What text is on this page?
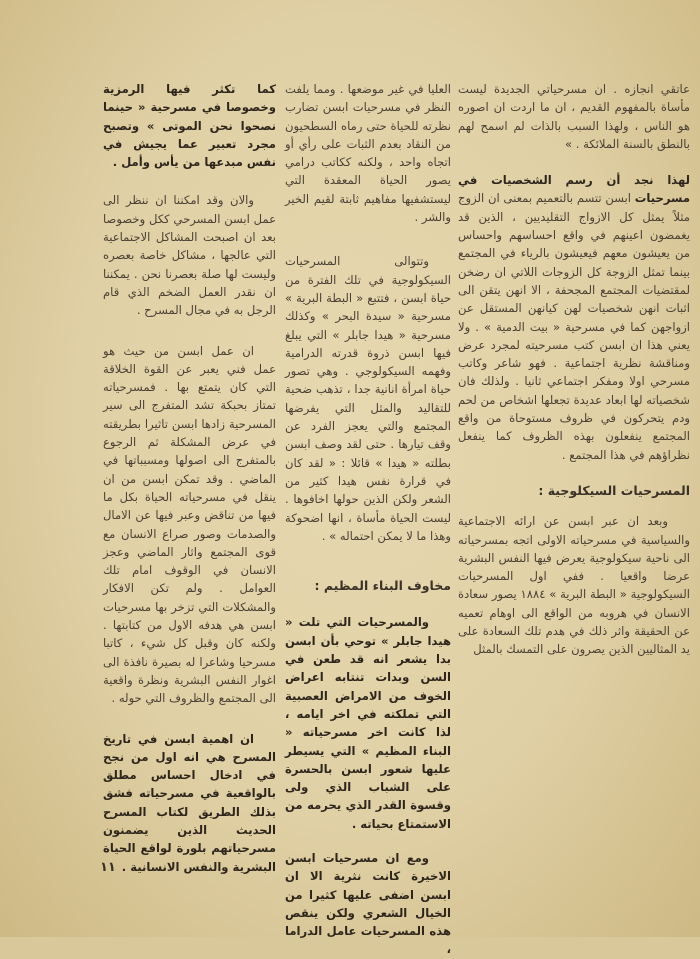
عاتقي انجازه . ان مسرحياتي الجديدة ليست مأساة بالمفهوم القديم ، ان ما اردت ان اصوره هو الناس ، ولهذا السبب بالذات لم اسمح لهم بالنطق بالسنة الملائكة . »

لهذا نجد أن رسم الشخصيات في مسرحيات ابسن تتسم بالتعميم بمعنى ان الزوج مثلاً يمثل كل الازواج التقليديين ، الذين قد يغمضون اعينهم في واقع احساسهم واحساس من يعيشون معهم فيعيشون بالرياء في المجتمع بينما تمثل الزوجة كل الزوجات اللاتي ان رضخن لمقتضيات المجتمع المجحفة ، الا انهن يتقن الى اثبات انهن شخصيات لهن كيانهن المستقل عن ازواجهن كما في مسرحية « بيت الدمية » . ولا يعني هذا ان ابسن كتب مسرحيته لمجرد عرض ومناقشة نظرية اجتماعية . فهو شاعر وكاتب مسرحي اولا ومفكر اجتماعي ثانيا . ولذلك فان شخصياته لها ابعاد عديدة تجعلها اشخاص من لحم ودم يتحركون في ظروف مستوحاة من واقع المجتمع ينفعلون بهذه الظروف كما ينفعل نظراؤهم في هذا المجتمع .

المسرحيات السيكلوجية :

وبعد ان عبر ابسن عن ارائه الاجتماعية والسياسية في مسرحياته الاولى اتجه بمسرحياته الى ناحية سيكولوجية يعرض فيها النفس البشرية عرضا واقعيا . ففي اول المسرحيات السيكولوجية « البطة البرية » ١٨٨٤ يصور سعادة الانسان في هروبه من الواقع الى اوهام تعميه عن الحقيقة واثر ذلك في هدم تلك السعادة على يد المثاليين الذين يصرون على التمسك بالمثل

العليا في غير موضعها . ومما يلفت النظر في مسرحيات ابسن تضارب نظرته للحياة حتى رماه السطحيون من النقاد بعدم الثبات على رأي أو اتجاه واحد ، ولكنه ككاتب درامي يصور الحياة المعقدة التي ليستشفيها مفاهيم ثابتة لقيم الخير والشر .

وتتوالى المسرحيات السيكولوجية في تلك الفترة من حياة ابسن ، فتتبع « البطة البرية » مسرحية « سيدة البحر » وكذلك مسرحية « هيدا جابلر » التي يبلغ فيها ابسن ذروة قدرته الدرامية وفهمه السيكولوجي . وهي تصور حياة امرأة انانية جدا ، تذهب ضحية للتقاليد والمثل التي يفرضها المجتمع والتي يعجز الفرد عن وقف تيارها . حتى لقد وصف ابسن بطلته « هيدا » قائلا : « لقد كان في قرارة نفس هيدا كثير من الشعر ولكن الذين حولها اخافوها . ليست الحياة مأساة ، انها اضحوكة وهذا ما لا يمكن احتماله » .

مخاوف البناء المظيم :

والمسرحيات التي تلت « هيدا جابلر » توحي بأن ابسن بدا يشعر انه قد طعن في السن وبدات تنتابه اعراض الخوف من الامراض العصبية التي تملكته في اخر ايامه ، لذا كانت اخر مسرحياته « البناء المظيم » التي يسيطر عليها شعور ابسن بالحسرة على الشباب الذي ولى وقسوة القدر الذي يحرمه من الاستمتاع بحياته .

ومع ان مسرحيات ابسن الاخيرة كانت نثرية الا ان ابسن اضفى عليها كثيرا من الخيال الشعري ولكن ينقص هذه المسرحيات عامل الدراما ،

كما تكثر فيها الرمزية وخصوصا في مسرحية « حينما نصحوا نحن الموتى » وتصبح مجرد تعبير عما يجيش في نفس مبدعها من يأس وأمل .

والان وقد امكننا ان ننظر الى عمل ابسن المسرحي ككل وخصوصا بعد ان اصبحت المشاكل الاجتماعية التي عالجها ، مشاكل خاصة بعصره وليست لها صلة بعصرنا نحن . يمكننا ان نقدر العمل الضخم الذي قام الرجل به في مجال المسرح .

ان عمل ابسن من حيث هو عمل فني يعبر عن القوة الخلاقة التي كان يتمتع بها . فمسرحياته تمتاز بحبكة تشد المتفرج الى سير المسرحية زادها ابسن تاثيرا بطريقته في عرض المشكلة ثم الرجوع بالمتفرج الى اصولها ومسبباتها في الماضي . وقد تمكن ابسن من ان ينقل في مسرحياته الحياة بكل ما فيها من تناقض وعبر فيها عن الامال والصدمات وصور صراع الانسان مع قوى المجتمع واثار الماضي وعجز الانسان في الوقوف امام تلك العوامل . ولم تكن الافكار والمشكلات التي تزخر بها مسرحيات ابسن هي هدفه الاول من كتابتها . ولكنه كان وقبل كل شيء ، كاتبا مسرحيا وشاعرا له بصيرة نافذة الى اغوار النفس البشرية ونظرة واقعية الى المجتمع والظروف التي حوله .

ان اهمية ابسن في تاريخ المسرح هي انه اول من نجح في ادخال احساس مطلق بالواقعية في مسرحياته فشق بذلك الطريق لكتاب المسرح الحديث الذين يضمنون مسرحياتهم بلورة لواقع الحياة البشرية والنفس الانسانية .

١١
